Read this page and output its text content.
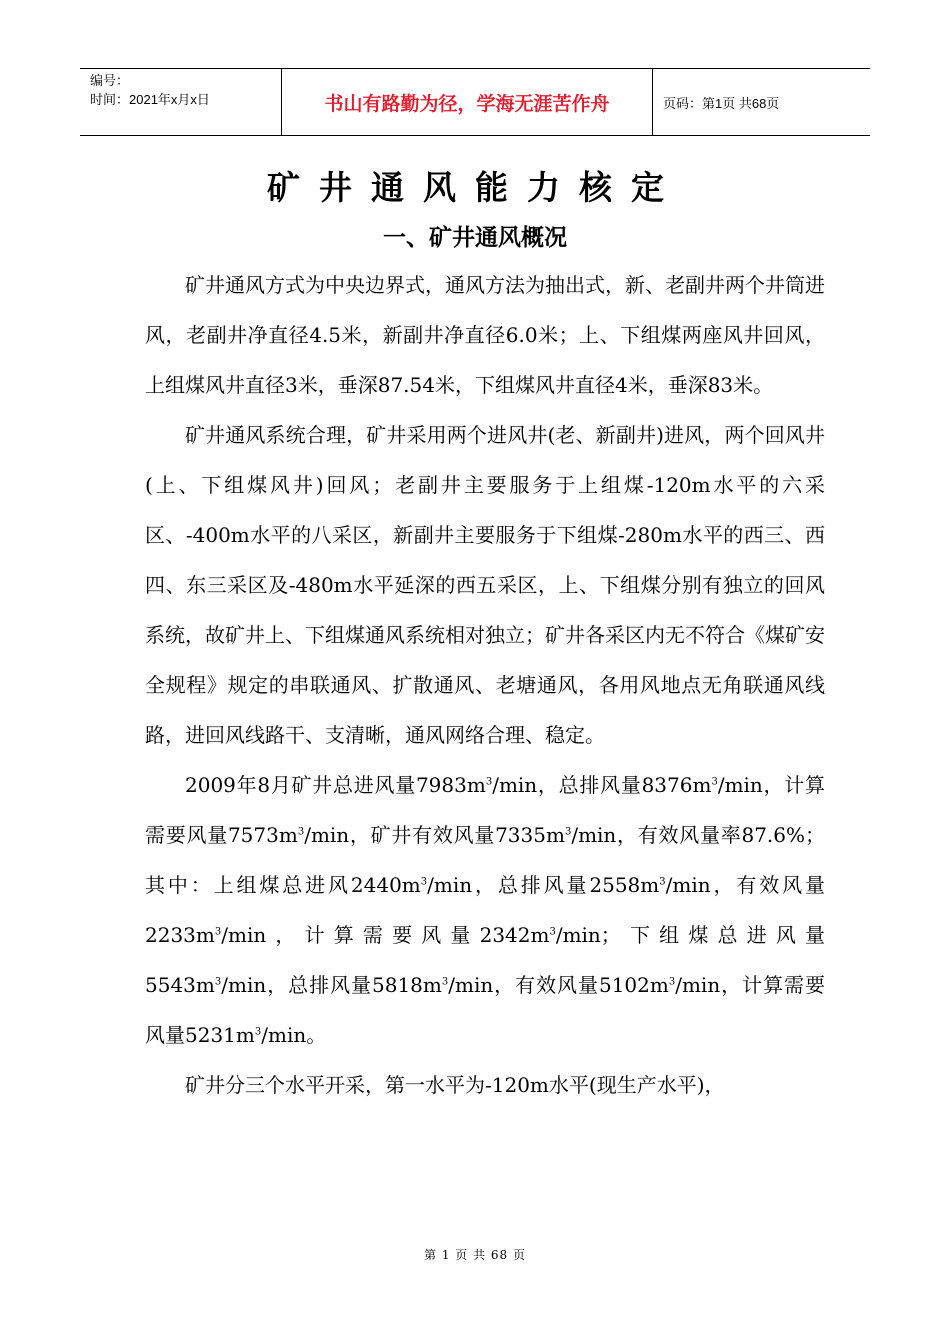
编号：
时间：2021年x月x日	书山有路勤为径，学海无涯苦作舟	页码：第1页 共68页
矿井通风能力核定
一、矿井通风概况

矿井通风方式为中央边界式，通风方法为抽出式，新、老副井两个井筒进风，老副井净直径4.5米，新副井净直径6.0米；上、下组煤两座风井回风，上组煤风井直径3米，垂深87.54米，下组煤风井直径4米，垂深83米。

矿井通风系统合理，矿井采用两个进风井(老、新副井)进风，两个回风井(上、下组煤风井)回风；老副井主要服务于上组煤-120m水平的六采区、-400m水平的八采区，新副井主要服务于下组煤-280m水平的西三、西四、东三采区及-480m水平延深的西五采区，上、下组煤分别有独立的回风系统，故矿井上、下组煤通风系统相对独立；矿井各采区内无不符合《煤矿安全规程》规定的串联通风、扩散通风、老塘通风，各用风地点无角联通风线路，进回风线路干、支清晰，通风网络合理、稳定。

2009年8月矿井总进风量$7983m^3/\min$，总排风量$8376m^3/\min$，计算需要风量$7573m^3/\min$，矿井有效风量$7335m^3/\min$，有效风量率87.6%；其中：上组煤总进风$2440m^3/\min$，总排风量$2558m^3/\min$，有效风量$2233m^3/\min$，计算需要风量$2342m^3/\min$；下组煤总进风量$5543m^3/\min$，总排风量$5818m^3/\min$，有效风量$5102m^3/\min$，计算需要风量$5231m^3/\min$。

矿井分三个水平开采，第一水平为-120m水平(现生产水平)，

第 1 页 共 68 页
